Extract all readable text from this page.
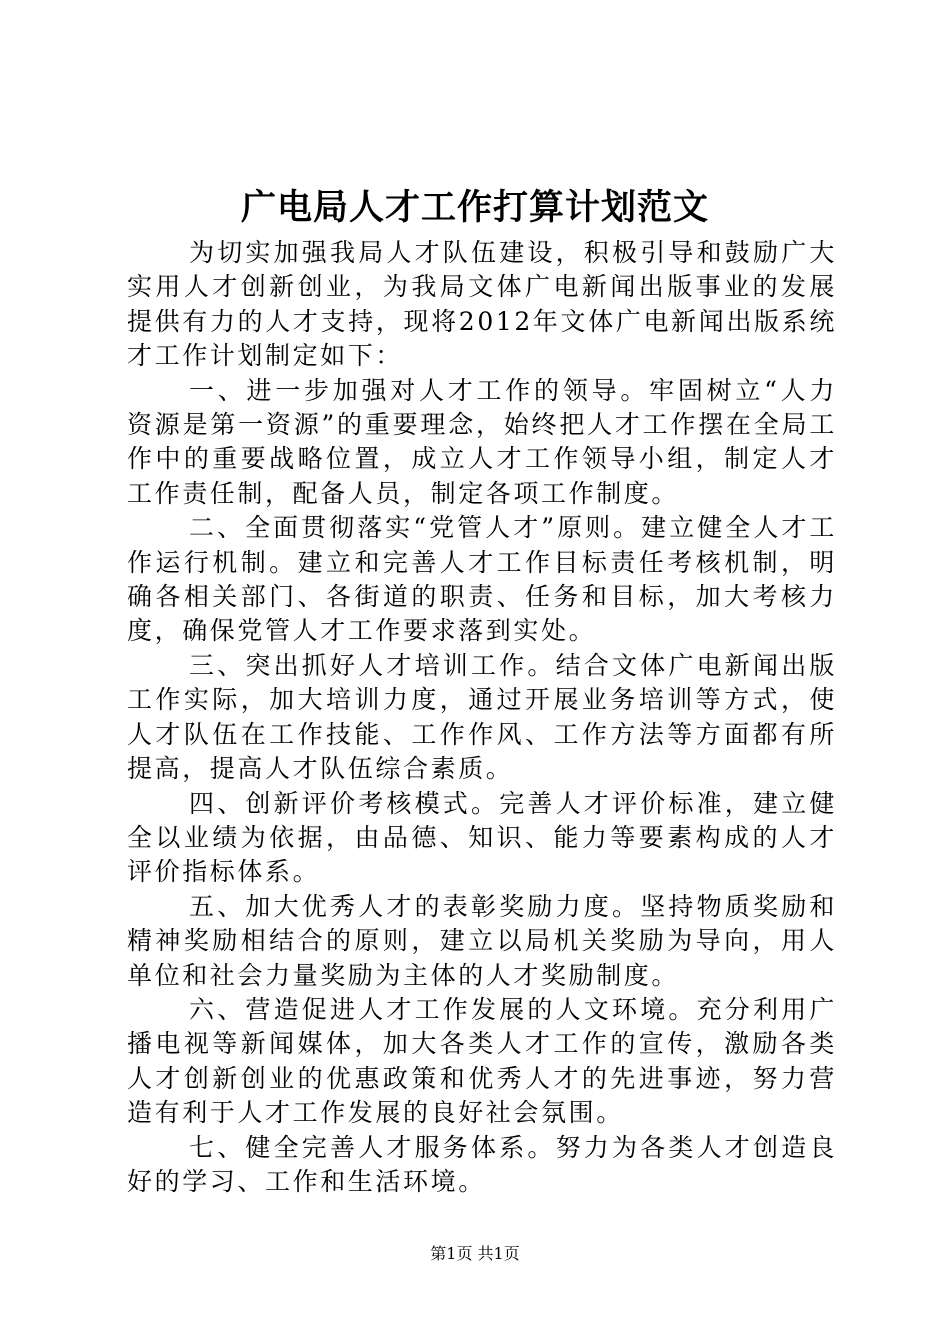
广电局人才工作打算计划范文

为切实加强我局人才队伍建设，积极引导和鼓励广大实用人才创新创业，为我局文体广电新闻出版事业的发展提供有力的人才支持，现将2012年文体广电新闻出版系统才工作计划制定如下：

一、进一步加强对人才工作的领导。牢固树立“人力资源是第一资源”的重要理念，始终把人才工作摆在全局工作中的重要战略位置，成立人才工作领导小组，制定人才工作责任制，配备人员，制定各项工作制度。

二、全面贯彻落实“党管人才”原则。建立健全人才工作运行机制。建立和完善人才工作目标责任考核机制，明确各相关部门、各街道的职责、任务和目标，加大考核力度，确保党管人才工作要求落到实处。

三、突出抓好人才培训工作。结合文体广电新闻出版工作实际，加大培训力度，通过开展业务培训等方式，使人才队伍在工作技能、工作作风、工作方法等方面都有所提高，提高人才队伍综合素质。

四、创新评价考核模式。完善人才评价标准，建立健全以业绩为依据，由品德、知识、能力等要素构成的人才评价指标体系。

五、加大优秀人才的表彰奖励力度。坚持物质奖励和精神奖励相结合的原则，建立以局机关奖励为导向，用人单位和社会力量奖励为主体的人才奖励制度。

六、营造促进人才工作发展的人文环境。充分利用广播电视等新闻媒体，加大各类人才工作的宣传，激励各类人才创新创业的优惠政策和优秀人才的先进事迹，努力营造有利于人才工作发展的良好社会氛围。

七、健全完善人才服务体系。努力为各类人才创造良好的学习、工作和生活环境。

第1页 共1页
